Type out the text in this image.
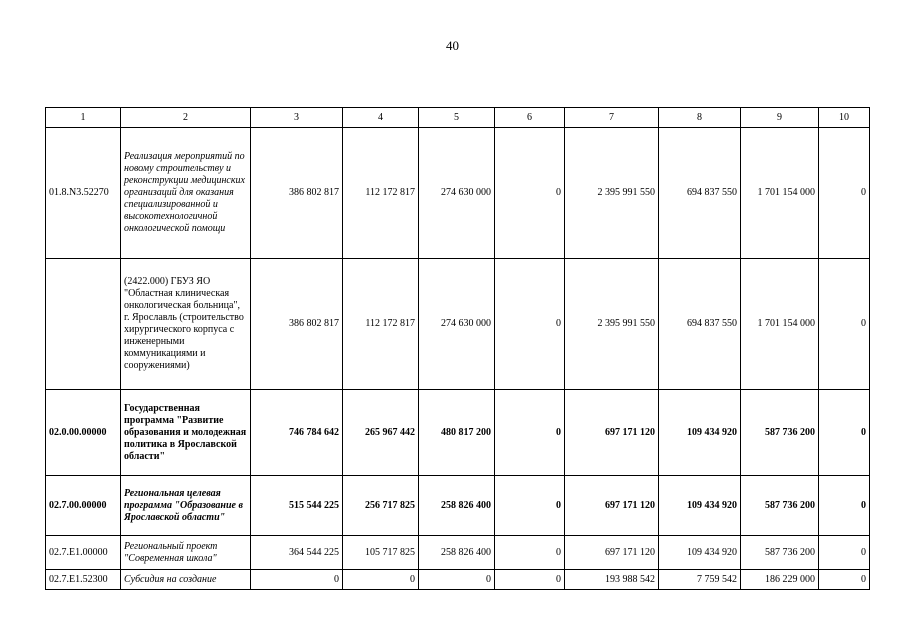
40
1	2	3	4	5	6	7	8	9	10
01.8.N3.52270	Реализация мероприятий по новому строительству и реконструкции медицинских организаций для оказания специализированной и высокотехнологичной онкологической помощи	386 802 817	112 172 817	274 630 000	0	2 395 991 550	694 837 550	1 701 154 000	0
	(2422.000) ГБУЗ ЯО "Областная клиническая онкологическая больница", г. Ярославль (строительство хирургического корпуса с инженерными коммуникациями и сооружениями)	386 802 817	112 172 817	274 630 000	0	2 395 991 550	694 837 550	1 701 154 000	0
02.0.00.00000	Государственная программа "Развитие образования и молодежная политика в Ярославской области"	746 784 642	265 967 442	480 817 200	0	697 171 120	109 434 920	587 736 200	0
02.7.00.00000	Региональная целевая программа "Образование в Ярославской области"	515 544 225	256 717 825	258 826 400	0	697 171 120	109 434 920	587 736 200	0
02.7.E1.00000	Региональный проект "Современная школа"	364 544 225	105 717 825	258 826 400	0	697 171 120	109 434 920	587 736 200	0
02.7.E1.52300	Субсидия на создание	0	0	0	0	193 988 542	7 759 542	186 229 000	0
